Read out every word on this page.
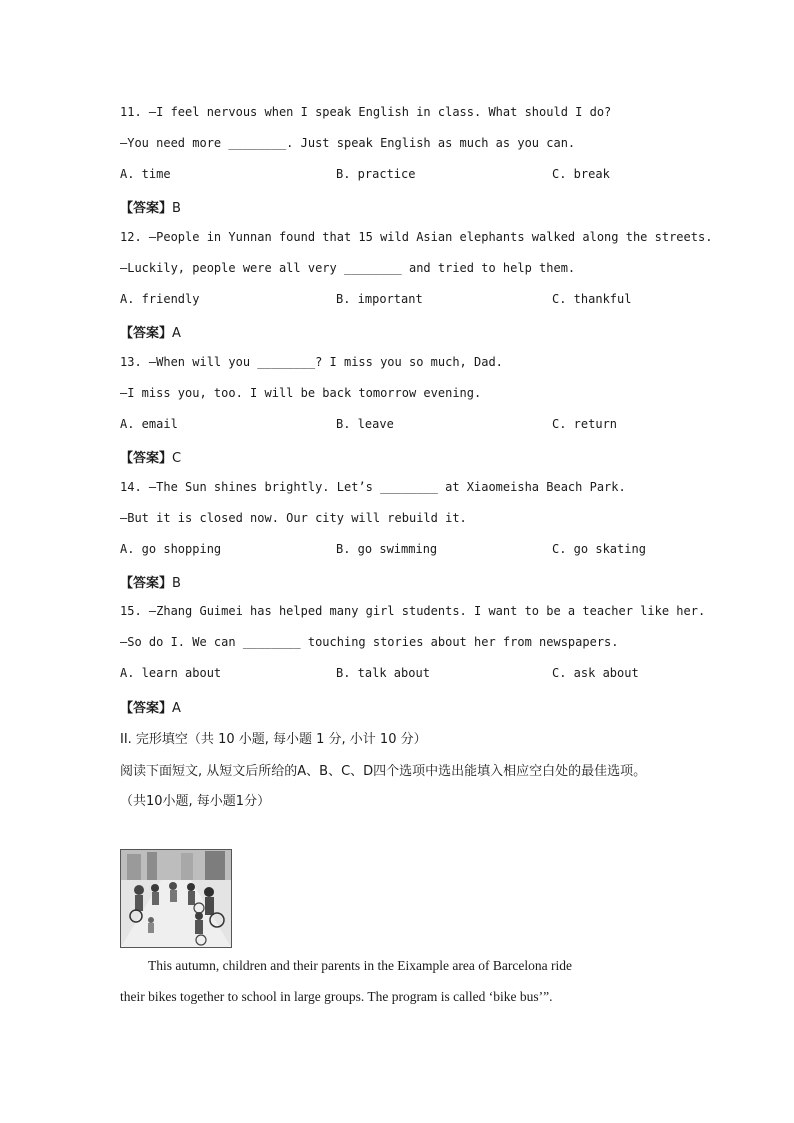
11. —I feel nervous when I speak English in class. What should I do?
—You need more ________. Just speak English as much as you can.
A. time	B. practice	C. break
【答案】B
12. —People in Yunnan found that 15 wild Asian elephants walked along the streets.
—Luckily, people were all very ________ and tried to help them.
A. friendly	B. important	C. thankful
【答案】A
13. —When will you ________? I miss you so much, Dad.
—I miss you, too. I will be back tomorrow evening.
A. email	B. leave	C. return
【答案】C
14. —The Sun shines brightly. Let’s ________ at Xiaomeisha Beach Park.
—But it is closed now. Our city will rebuild it.
A. go shopping	B. go swimming	C. go skating
【答案】B
15. —Zhang Guimei has helped many girl students. I want to be a teacher like her.
—So do I. We can ________ touching stories about her from newspapers.
A. learn about	B. talk about	C. ask about
【答案】A
II. 完形填空（共 10 小题, 每小题 1 分, 小计 10 分）
阅读下面短文, 从短文后所给的A、B、C、D四个选项中选出能填入相应空白处的最佳选项。
（共10小题, 每小题1分）
This autumn, children and their parents in the Eixample area of Barcelona ride
their bikes together to school in large groups. The program is called ‘bike bus’”.
